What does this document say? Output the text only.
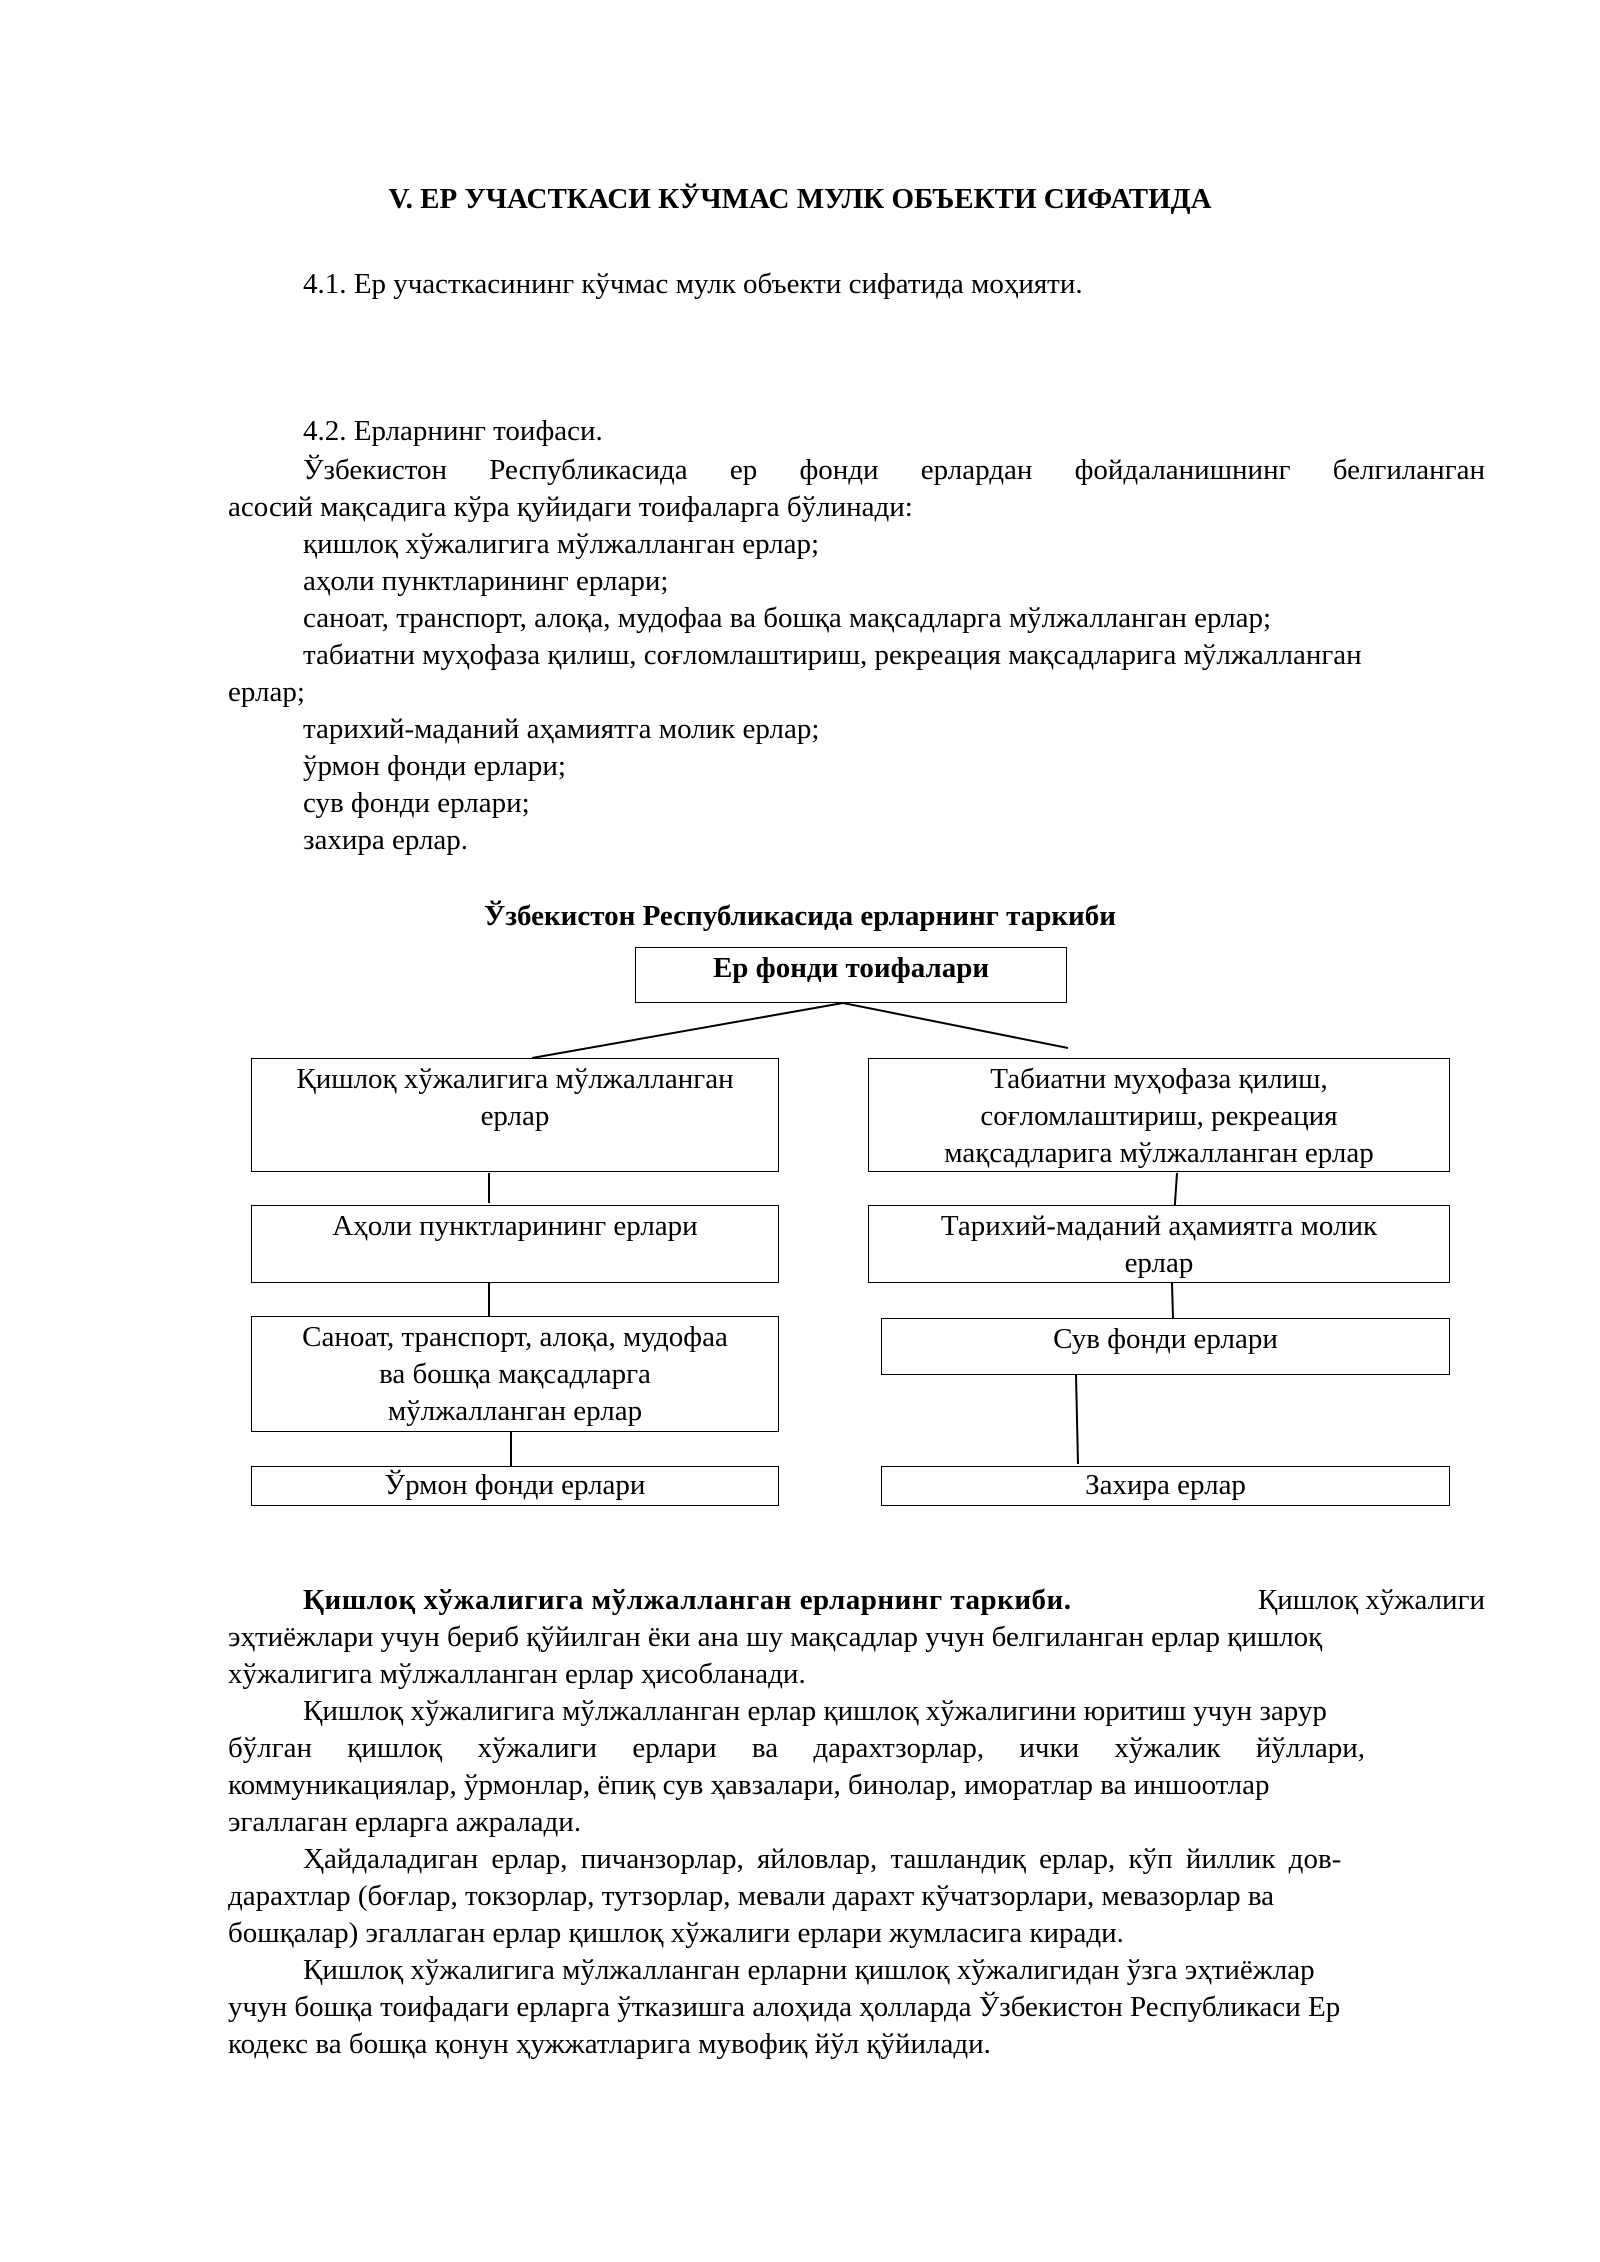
V. ЕР УЧАСТКАСИ КЎЧМАС МУЛК ОБЪЕКТИ СИФАТИДА
4.1. Ер участкасининг кўчмас мулк объекти сифатида моҳияти.
4.2. Ерларнинг тоифаси.
Ўзбекистон Республикасида ер фонди ерлардан фойдаланишнинг белгиланган
асосий мақсадига кўра қуйидаги тоифаларга бўлинади:
қишлоқ хўжалигига мўлжалланган ерлар;
аҳоли пунктларининг ерлари;
саноат, транспорт, алоқа, мудофаа ва бошқа мақсадларга мўлжалланган ерлар;
табиатни муҳофаза қилиш, соғломлаштириш, рекреация мақсадларига мўлжалланган
ерлар;
тарихий-маданий аҳамиятга молик ерлар;
ўрмон фонди ерлари;
сув фонди ерлари;
захира ерлар.
Ўзбекистон Республикасида ерларнинг таркиби
Ер фонди тоифалари
Қишлоқ хўжалигига мўлжалланган
ерлар
Аҳоли пунктларининг ерлари
Саноат, транспорт, алоқа, мудофаа
ва бошқа мақсадларга
мўлжалланган ерлар
Ўрмон фонди ерлари
Табиатни муҳофаза қилиш,
соғломлаштириш, рекреация
мақсадларига мўлжалланган ерлар
Тарихий-маданий аҳамиятга молик
ерлар
Сув фонди ерлари
Захира ерлар
Қишлоқ хўжалигига мўлжалланган ерларнинг таркиби.	Қишлоқ хўжалиги
эҳтиёжлари учун бериб қўйилган ёки ана шу мақсадлар учун белгиланган ерлар қишлоқ
хўжалигига мўлжалланган ерлар ҳисобланади.
Қишлоқ хўжалигига мўлжалланган ерлар қишлоқ хўжалигини юритиш учун зарур
бўлган қишлоқ хўжалиги ерлари ва дарахтзорлар, ички хўжалик йўллари,
коммуникациялар, ўрмонлар, ёпиқ сув ҳавзалари, бинолар, иморатлар ва иншоотлар
эгаллаган ерларга ажралади.
Ҳайдаладиган ерлар, пичанзорлар, яйловлар, ташландиқ ерлар, кўп йиллик дов-
дарахтлар (боғлар, токзорлар, тутзорлар, мевали дарахт кўчатзорлари, мевазорлар ва
бошқалар) эгаллаган ерлар қишлоқ хўжалиги ерлари жумласига киради.
Қишлоқ хўжалигига мўлжалланган ерларни қишлоқ хўжалигидан ўзга эҳтиёжлар
учун бошқа тоифадаги ерларга ўтказишга алоҳида ҳолларда Ўзбекистон Республикаси Ер
кодекс ва бошқа қонун ҳужжатларига мувофиқ йўл қўйилади.
